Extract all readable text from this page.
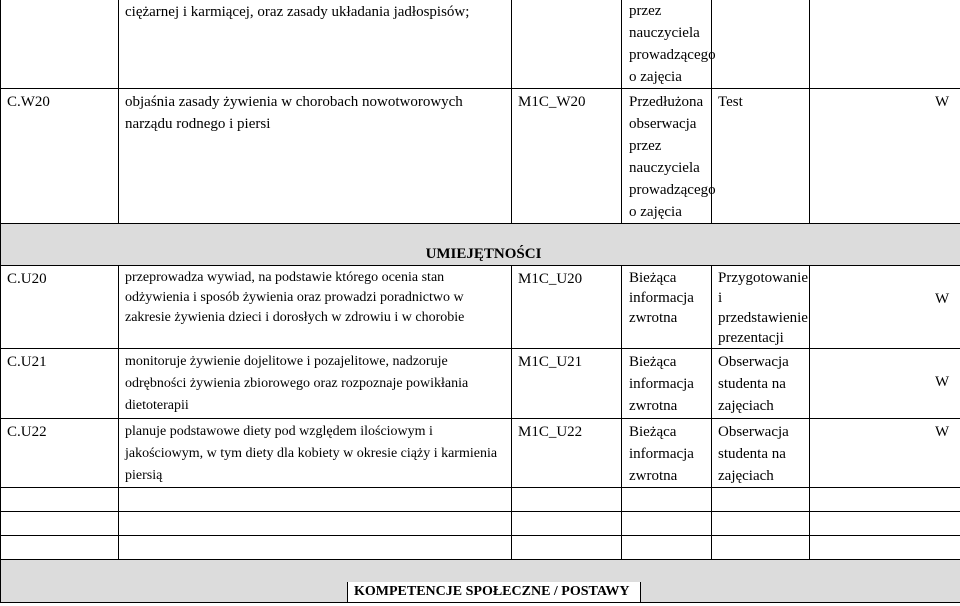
	ciężarnej i karmiącej, oraz zasady układania jadłospisów;		przez nauczyciela prowadzącego o zajęcia		
C.W20	objaśnia zasady żywienia w chorobach nowotworowych narządu rodnego i piersi	M1C_W20	Przedłużona obserwacja przez nauczyciela prowadzącego o zajęcia	Test	W
UMIEJĘTNOŚCI					
C.U20	przeprowadza wywiad, na podstawie którego ocenia stan odżywienia i sposób żywienia oraz prowadzi poradnictwo w zakresie żywienia dzieci i dorosłych w zdrowiu i w chorobie	M1C_U20	Bieżąca informacja zwrotna	Przygotowanie i przedstawienie prezentacji	W
C.U21	monitoruje żywienie dojelitowe i pozajelitowe, nadzoruje odrębności żywienia zbiorowego oraz rozpoznaje powikłania dietoterapii	M1C_U21	Bieżąca informacja zwrotna	Obserwacja studenta na zajęciach	W
C.U22	planuje podstawowe diety pod względem ilościowym i jakościowym, w tym diety dla kobiety w okresie ciąży i karmienia piersią	M1C_U22	Bieżąca informacja zwrotna	Obserwacja studenta na zajęciach	W

KOMPETENCJE SPOŁECZNE / POSTAWY					
